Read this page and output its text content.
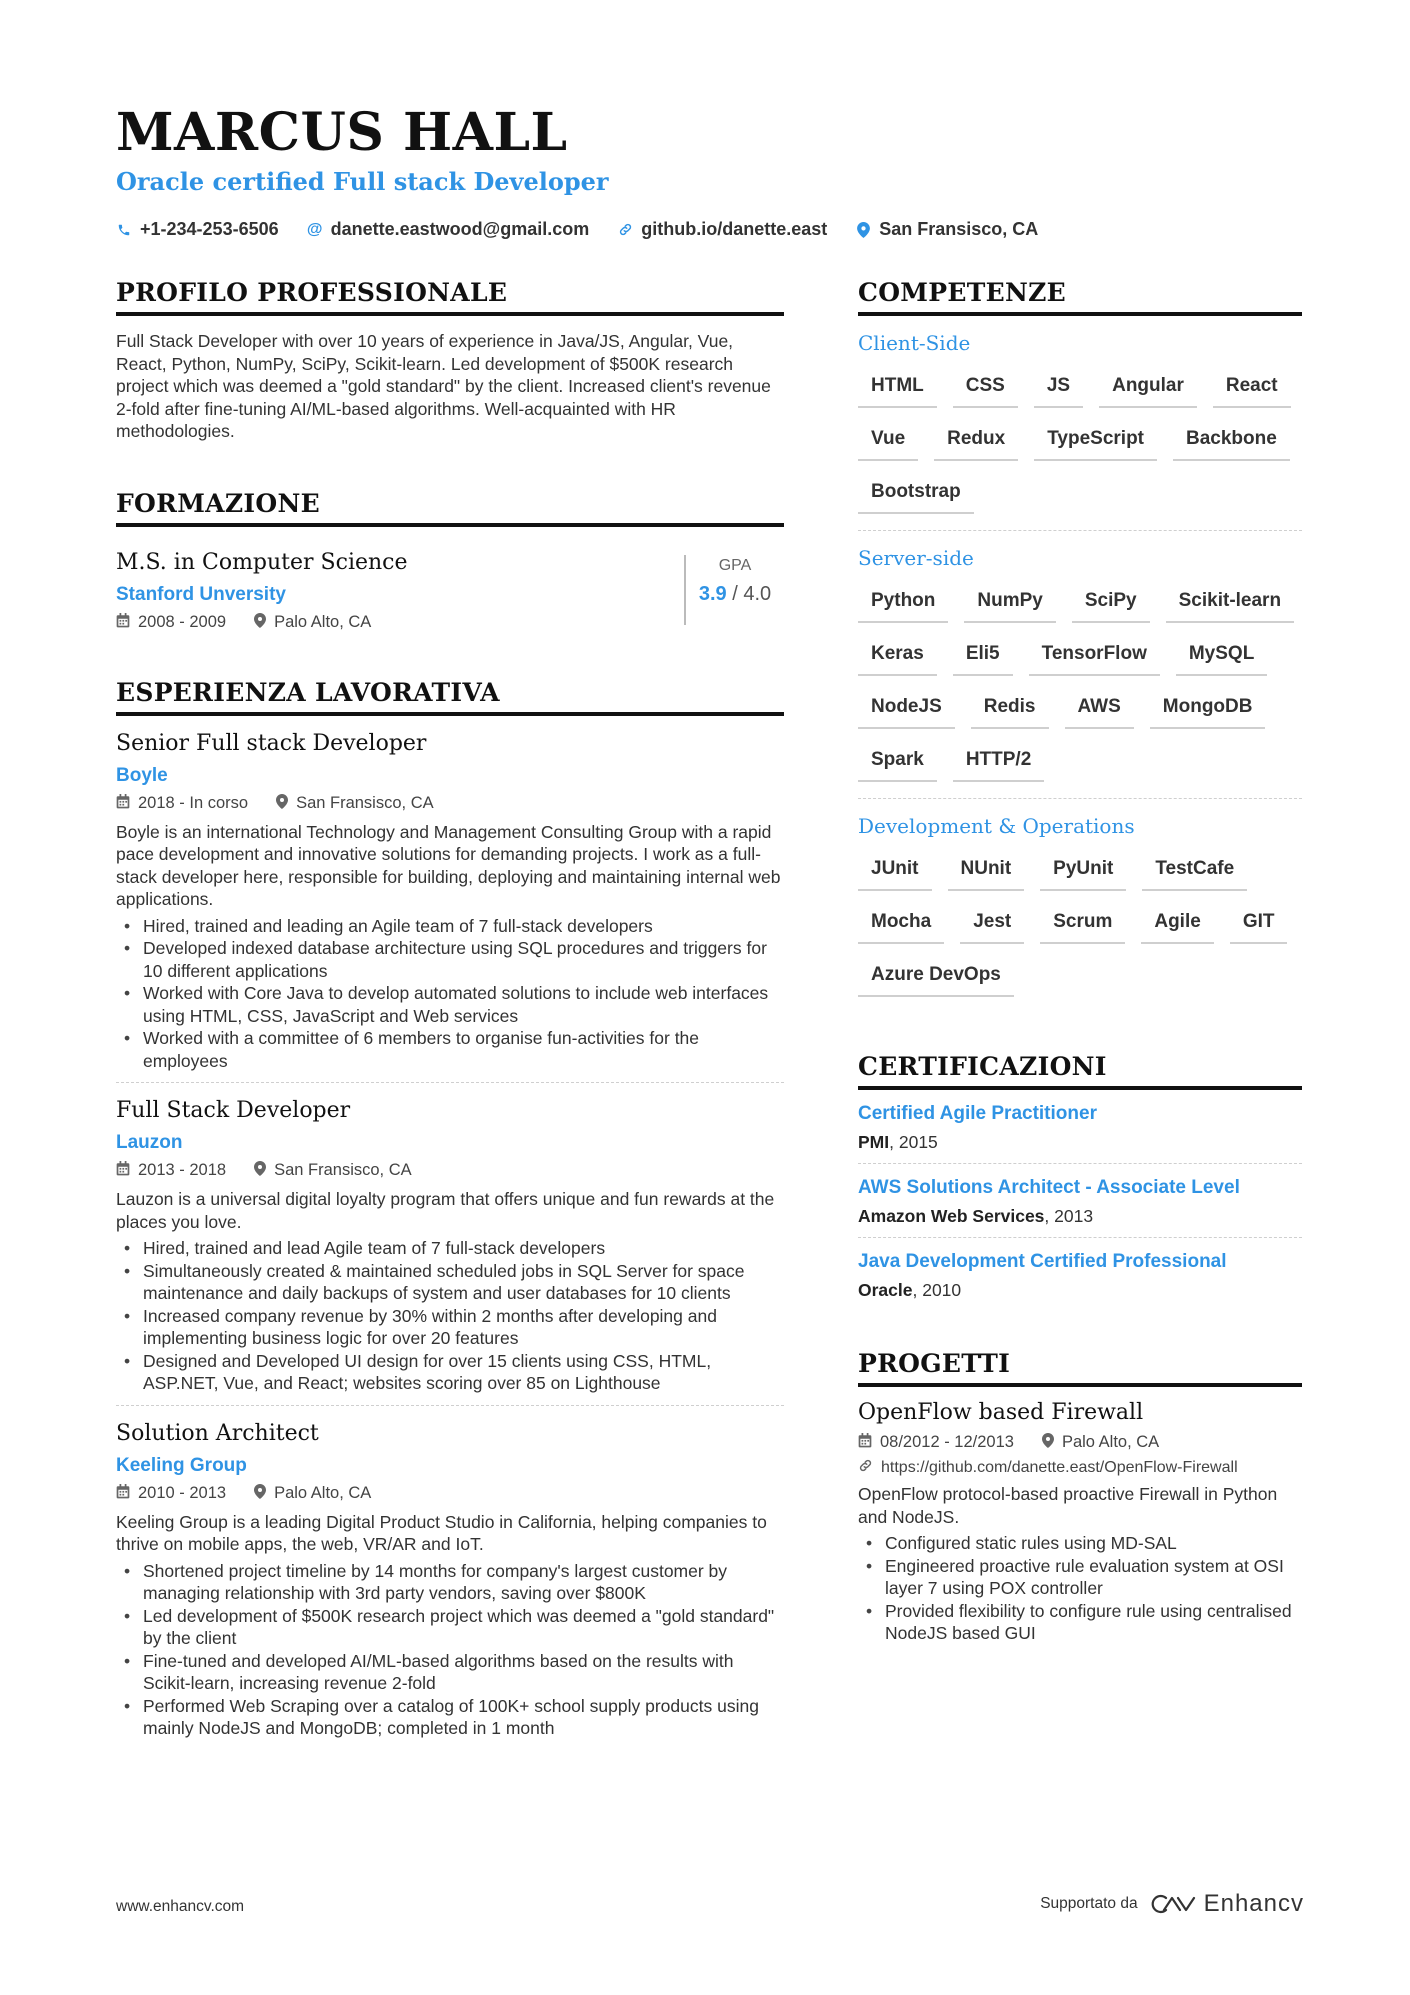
MARCUS HALL
Oracle certified Full stack Developer
+1-234-253-6506 @ danette.eastwood@gmail.com	github.io/danette.east	San Fransisco, CA
PROFILO PROFESSIONALE
Full Stack Developer with over 10 years of experience in Java/JS, Angular, Vue, React, Python, NumPy, SciPy, Scikit-learn. Led development of $500K research project which was deemed a "gold standard" by the client. Increased client's revenue 2-fold after fine-tuning AI/ML-based algorithms. Well-acquainted with HR methodologies.
FORMAZIONE
M.S. in Computer Science
Stanford Unversity
2008 - 2009	Palo Alto, CA
GPA
3.9 / 4.0
ESPERIENZA LAVORATIVA
Senior Full stack Developer
Boyle
2018 - In corso	San Fransisco, CA
Boyle is an international Technology and Management Consulting Group with a rapid pace development and innovative solutions for demanding projects. I work as a full-stack developer here, responsible for building, deploying and maintaining internal web applications.
• Hired, trained and leading an Agile team of 7 full-stack developers
• Developed indexed database architecture using SQL procedures and triggers for 10 different applications
• Worked with Core Java to develop automated solutions to include web interfaces using HTML, CSS, JavaScript and Web services
• Worked with a committee of 6 members to organise fun-activities for the employees
Full Stack Developer
Lauzon
2013 - 2018	San Fransisco, CA
Lauzon is a universal digital loyalty program that offers unique and fun rewards at the places you love.
• Hired, trained and lead Agile team of 7 full-stack developers
• Simultaneously created & maintained scheduled jobs in SQL Server for space maintenance and daily backups of system and user databases for 10 clients
• Increased company revenue by 30% within 2 months after developing and implementing business logic for over 20 features
• Designed and Developed UI design for over 15 clients using CSS, HTML, ASP.NET, Vue, and React; websites scoring over 85 on Lighthouse
Solution Architect
Keeling Group
2010 - 2013	Palo Alto, CA
Keeling Group is a leading Digital Product Studio in California, helping companies to thrive on mobile apps, the web, VR/AR and IoT.
• Shortened project timeline by 14 months for company's largest customer by managing relationship with 3rd party vendors, saving over $800K
• Led development of $500K research project which was deemed a "gold standard" by the client
• Fine-tuned and developed AI/ML-based algorithms based on the results with Scikit-learn, increasing revenue 2-fold
• Performed Web Scraping over a catalog of 100K+ school supply products using mainly NodeJS and MongoDB; completed in 1 month
COMPETENZE
Client-Side
HTML	CSS	JS	Angular	React
Vue	Redux	TypeScript	Backbone
Bootstrap
Server-side
Python	NumPy	SciPy	Scikit-learn
Keras	Eli5	TensorFlow	MySQL
NodeJS	Redis	AWS	MongoDB
Spark	HTTP/2
Development & Operations
JUnit	NUnit	PyUnit	TestCafe
Mocha	Jest	Scrum	Agile	GIT
Azure DevOps
CERTIFICAZIONI
Certified Agile Practitioner
PMI, 2015
AWS Solutions Architect - Associate Level
Amazon Web Services, 2013
Java Development Certified Professional
Oracle, 2010
PROGETTI
OpenFlow based Firewall
08/2012 - 12/2013	Palo Alto, CA
https://github.com/danette.east/OpenFlow-Firewall
OpenFlow protocol-based proactive Firewall in Python and NodeJS.
• Configured static rules using MD-SAL
• Engineered proactive rule evaluation system at OSI layer 7 using POX controller
• Provided flexibility to configure rule using centralised NodeJS based GUI
www.enhancv.com	Supportato da	Enhancv
